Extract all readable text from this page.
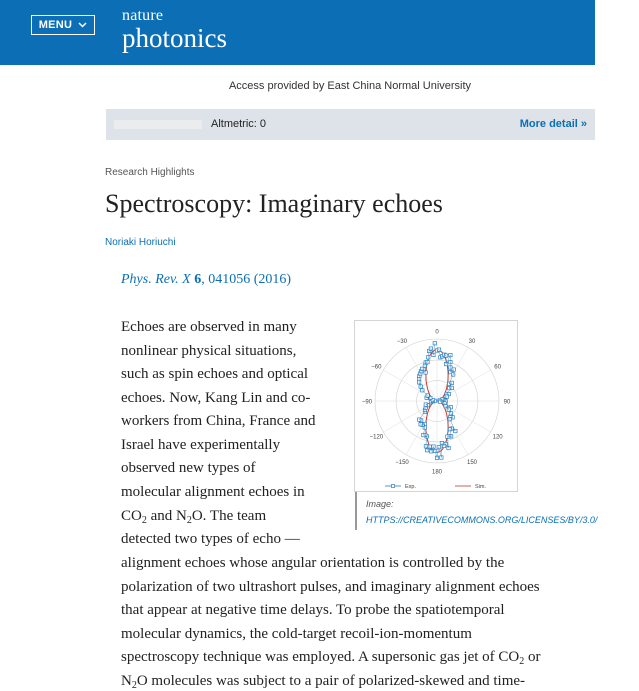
MENU
nature
photonics
Access provided by East China Normal University
Altmetric: 0	More detail »
Research Highlights
Spectroscopy: Imaginary echoes
Noriaki Horiuchi
Phys. Rev. X 6, 041056 (2016)
Echoes are observed in many
nonlinear physical situations,
such as spin echoes and optical
echoes. Now, Kang Lin and co-
workers from China, France and
Israel have experimentally
observed new types of
molecular alignment echoes in
$CO_2$ and $N_2O$. The team
detected two types of echo —
alignment echoes whose angular orientation is controlled by the
polarization of two ultrashort pulses, and imaginary alignment echoes
that appear at negative time delays. To probe the spatiotemporal
molecular dynamics, the cold-target recoil-ion-momentum
spectroscopy technique was employed. A supersonic gas jet of $CO_2$ or
$N_2O$ molecules was subject to a pair of polarized-skewed and time-
0
30
60
90
120
150
180
−150
−120
−90
−60
−30
Exp.	Sim.
Image:
HTTPS://CREATIVECOMMONS.ORG/LICENSES/BY/3.0/
